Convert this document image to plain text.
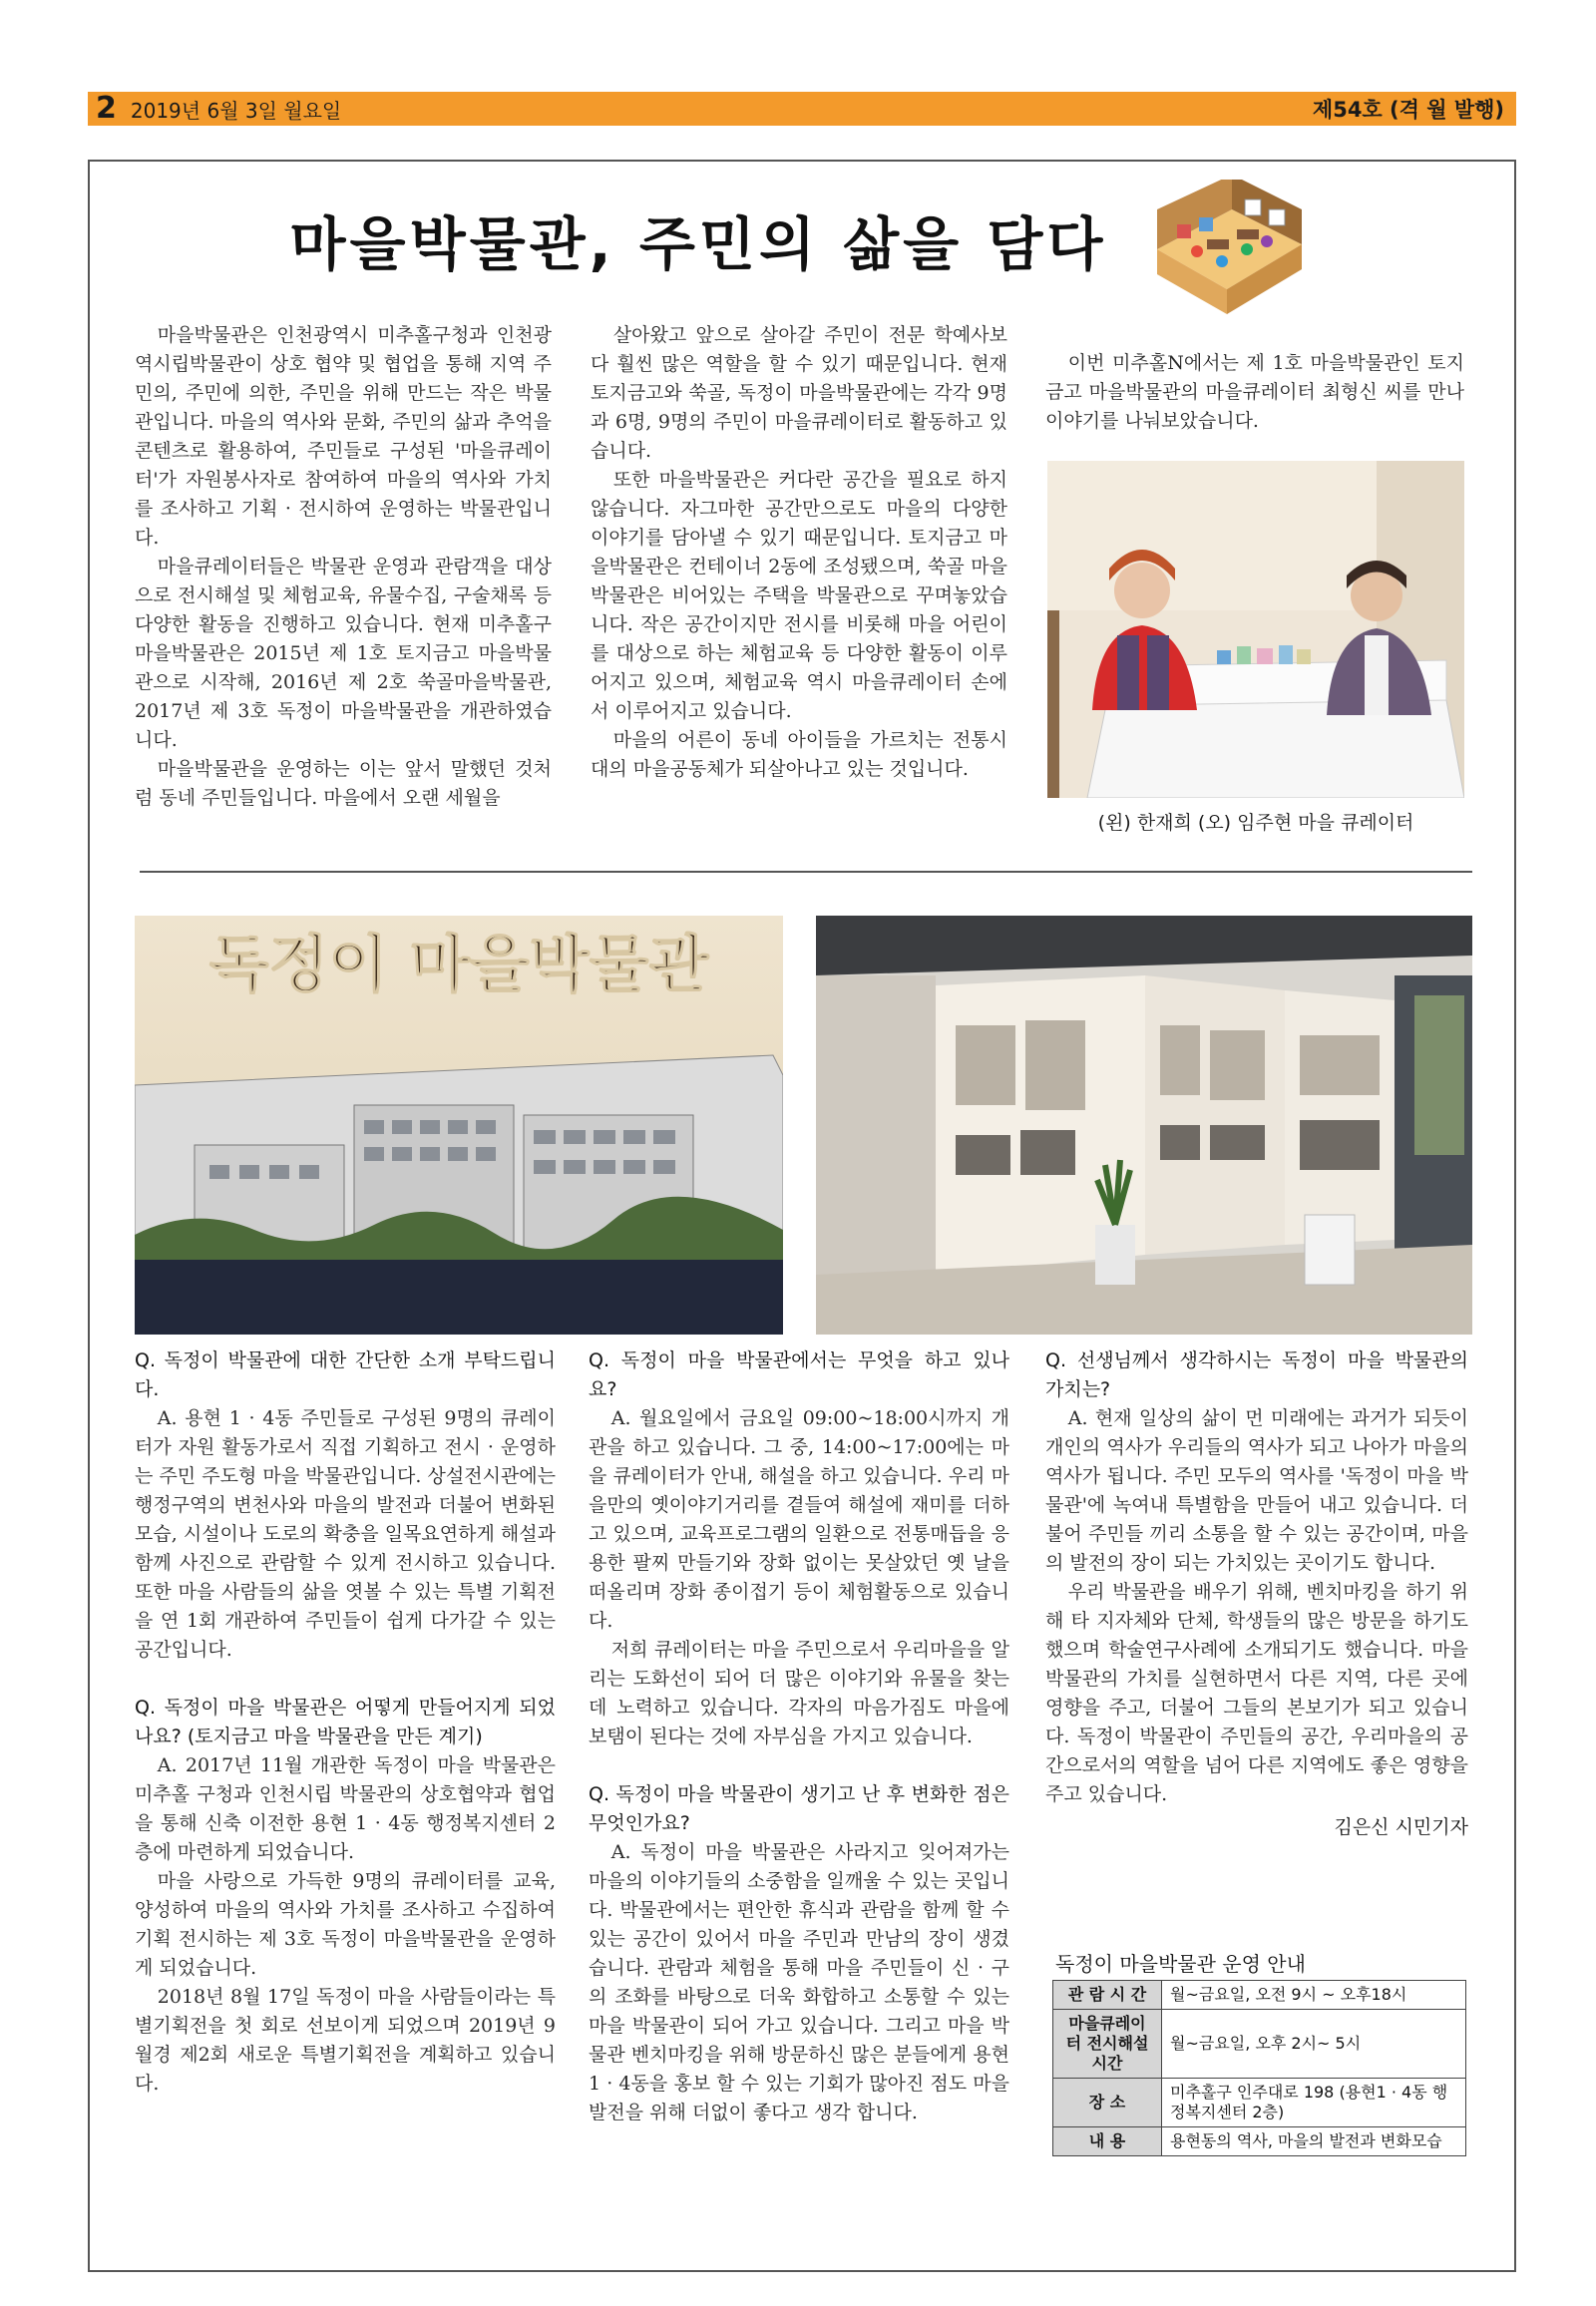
2 2019년 6월 3일 월요일	제54호 (격 월 발행)
마을박물관, 주민의 삶을 담다

마을박물관은 인천광역시 미추홀구청과 인천광역시립박물관이 상호 협약 및 협업을 통해 지역 주민의, 주민에 의한, 주민을 위해 만드는 작은 박물관입니다. 마을의 역사와 문화, 주민의 삶과 추억을 콘텐츠로 활용하여, 주민들로 구성된 '마을큐레이터'가 자원봉사자로 참여하여 마을의 역사와 가치를 조사하고 기획 · 전시하여 운영하는 박물관입니다.

마을큐레이터들은 박물관 운영과 관람객을 대상으로 전시해설 및 체험교육, 유물수집, 구술채록 등 다양한 활동을 진행하고 있습니다. 현재 미추홀구 마을박물관은 2015년 제 1호 토지금고 마을박물관으로 시작해, 2016년 제 2호 쑥골마을박물관, 2017년 제 3호 독정이 마을박물관을 개관하였습니다.

마을박물관을 운영하는 이는 앞서 말했던 것처럼 동네 주민들입니다. 마을에서 오랜 세월을

살아왔고 앞으로 살아갈 주민이 전문 학예사보다 훨씬 많은 역할을 할 수 있기 때문입니다. 현재 토지금고와 쑥골, 독정이 마을박물관에는 각각 9명과 6명, 9명의 주민이 마을큐레이터로 활동하고 있습니다.

또한 마을박물관은 커다란 공간을 필요로 하지 않습니다. 자그마한 공간만으로도 마을의 다양한 이야기를 담아낼 수 있기 때문입니다. 토지금고 마을박물관은 컨테이너 2동에 조성됐으며, 쑥골 마을박물관은 비어있는 주택을 박물관으로 꾸며놓았습니다. 작은 공간이지만 전시를 비롯해 마을 어린이를 대상으로 하는 체험교육 등 다양한 활동이 이루어지고 있으며, 체험교육 역시 마을큐레이터 손에서 이루어지고 있습니다.

마을의 어른이 동네 아이들을 가르치는 전통시대의 마을공동체가 되살아나고 있는 것입니다.

이번 미추홀N에서는 제 1호 마을박물관인 토지금고 마을박물관의 마을큐레이터 최형신 씨를 만나 이야기를 나눠보았습니다.

(왼) 한재희 (오) 임주현 마을 큐레이터
독정이 마을박물관

Q. 독정이 박물관에 대한 간단한 소개 부탁드립니다.

A. 용현 1 · 4동 주민들로 구성된 9명의 큐레이터가 자원 활동가로서 직접 기획하고 전시 · 운영하는 주민 주도형 마을 박물관입니다. 상설전시관에는 행정구역의 변천사와 마을의 발전과 더불어 변화된 모습, 시설이나 도로의 확충을 일목요연하게 해설과 함께 사진으로 관람할 수 있게 전시하고 있습니다. 또한 마을 사람들의 삶을 엿볼 수 있는 특별 기획전을 연 1회 개관하여 주민들이 쉽게 다가갈 수 있는 공간입니다.

Q. 독정이 마을 박물관은 어떻게 만들어지게 되었나요? (토지금고 마을 박물관을 만든 계기)

A. 2017년 11월 개관한 독정이 마을 박물관은 미추홀 구청과 인천시립 박물관의 상호협약과 협업을 통해 신축 이전한 용현 1 · 4동 행정복지센터 2층에 마련하게 되었습니다.

마을 사랑으로 가득한 9명의 큐레이터를 교육, 양성하여 마을의 역사와 가치를 조사하고 수집하여 기획 전시하는 제 3호 독정이 마을박물관을 운영하게 되었습니다.

2018년 8월 17일 독정이 마을 사람들이라는 특별기획전을 첫 회로 선보이게 되었으며 2019년 9월경 제2회 새로운 특별기획전을 계획하고 있습니다.

Q. 독정이 마을 박물관에서는 무엇을 하고 있나 요?

A. 월요일에서 금요일 09:00~18:00시까지 개관을 하고 있습니다. 그 중, 14:00~17:00에는 마을 큐레이터가 안내, 해설을 하고 있습니다. 우리 마을만의 옛이야기거리를 곁들여 해설에 재미를 더하고 있으며, 교육프로그램의 일환으로 전통매듭을 응용한 팔찌 만들기와 장화 없이는 못살았던 옛 날을 떠올리며 장화 종이접기 등이 체험활동으로 있습니다.

저희 큐레이터는 마을 주민으로서 우리마을을 알리는 도화선이 되어 더 많은 이야기와 유물을 찾는데 노력하고 있습니다. 각자의 마음가짐도 마을에 보탬이 된다는 것에 자부심을 가지고 있습니다.

Q. 독정이 마을 박물관이 생기고 난 후 변화한 점은 무엇인가요?

A. 독정이 마을 박물관은 사라지고 잊어져가는 마을의 이야기들의 소중함을 일깨울 수 있는 곳입니다. 박물관에서는 편안한 휴식과 관람을 함께 할 수 있는 공간이 있어서 마을 주민과 만남의 장이 생겼습니다. 관람과 체험을 통해 마을 주민들이 신 · 구의 조화를 바탕으로 더욱 화합하고 소통할 수 있는 마을 박물관이 되어 가고 있습니다. 그리고 마을 박물관 벤치마킹을 위해 방문하신 많은 분들에게 용현1 · 4동을 홍보 할 수 있는 기회가 많아진 점도 마을 발전을 위해 더없이 좋다고 생각 합니다.

Q. 선생님께서 생각하시는 독정이 마을 박물관의 가치는?

A. 현재 일상의 삶이 먼 미래에는 과거가 되듯이 개인의 역사가 우리들의 역사가 되고 나아가 마을의 역사가 됩니다. 주민 모두의 역사를 '독정이 마을 박물관'에 녹여내 특별함을 만들어 내고 있습니다. 더불어 주민들 끼리 소통을 할 수 있는 공간이며, 마을의 발전의 장이 되는 가치있는 곳이기도 합니다.

우리 박물관을 배우기 위해, 벤치마킹을 하기 위해 타 지자체와 단체, 학생들의 많은 방문을 하기도 했으며 학술연구사례에 소개되기도 했습니다. 마을박물관의 가치를 실현하면서 다른 지역, 다른 곳에 영향을 주고, 더불어 그들의 본보기가 되고 있습니다. 독정이 박물관이 주민들의 공간, 우리마을의 공간으로서의 역할을 넘어 다른 지역에도 좋은 영향을 주고 있습니다.

김은신 시민기자
독정이 마을박물관 운영 안내
관 람 시 간	월~금요일, 오전 9시 ~ 오후18시
마을큐레이터 전시해설시간	월~금요일, 오후 2시~ 5시
장 소	미추홀구 인주대로 198 (용현1 · 4동 행정복지센터 2층)
내 용	용현동의 역사, 마을의 발전과 변화모습
